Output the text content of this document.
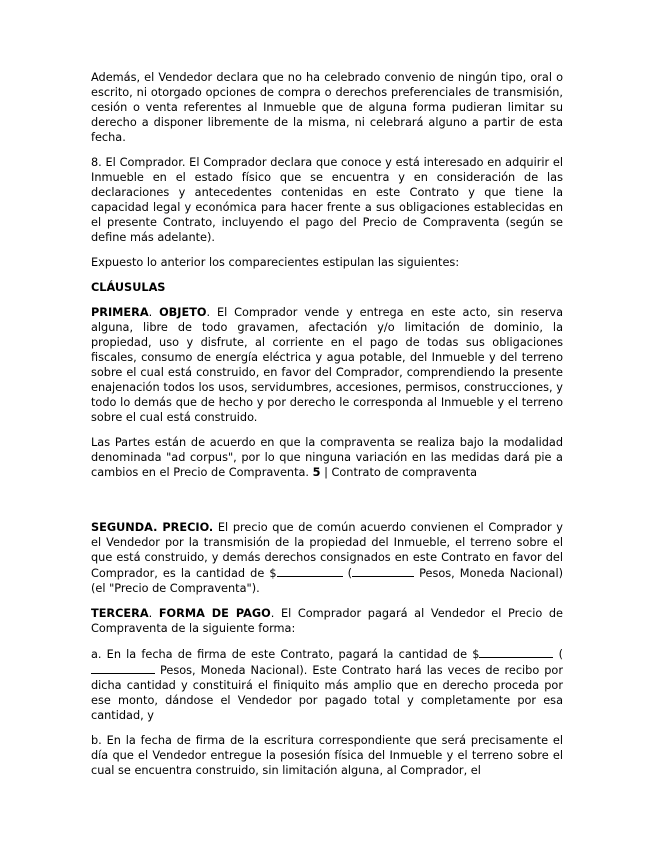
Además, el Vendedor declara que no ha celebrado convenio de ningún tipo, oral o escrito, ni otorgado opciones de compra o derechos preferenciales de transmisión, cesión o venta referentes al Inmueble que de alguna forma pudieran limitar su derecho a disponer libremente de la misma, ni celebrará alguno a partir de esta fecha.

8. El Comprador. El Comprador declara que conoce y está interesado en adquirir el Inmueble en el estado físico que se encuentra y en consideración de las declaraciones y antecedentes contenidas en este Contrato y que tiene la capacidad legal y económica para hacer frente a sus obligaciones establecidas en el presente Contrato, incluyendo el pago del Precio de Compraventa (según se define más adelante).

Expuesto lo anterior los comparecientes estipulan las siguientes:

CLÁUSULAS

PRIMERA. OBJETO. El Comprador vende y entrega en este acto, sin reserva alguna, libre de todo gravamen, afectación y/o limitación de dominio, la propiedad, uso y disfrute, al corriente en el pago de todas sus obligaciones fiscales, consumo de energía eléctrica y agua potable, del Inmueble y del terreno sobre el cual está construido, en favor del Comprador, comprendiendo la presente enajenación todos los usos, servidumbres, accesiones, permisos, construcciones, y todo lo demás que de hecho y por derecho le corresponda al Inmueble y el terreno sobre el cual está construido.

Las Partes están de acuerdo en que la compraventa se realiza bajo la modalidad denominada "ad corpus", por lo que ninguna variación en las medidas dará pie a cambios en el Precio de Compraventa. 5 | Contrato de compraventa

SEGUNDA. PRECIO. El precio que de común acuerdo convienen el Comprador y el Vendedor por la transmisión de la propiedad del Inmueble, el terreno sobre el que está construido, y demás derechos consignados en este Contrato en favor del Comprador, es la cantidad de $	(	Pesos, Moneda Nacional) (el "Precio de Compraventa").

TERCERA. FORMA DE PAGO. El Comprador pagará al Vendedor el Precio de Compraventa de la siguiente forma:

a. En la fecha de firma de este Contrato, pagará la cantidad de $	( Pesos, Moneda Nacional). Este Contrato hará las veces de recibo por dicha cantidad y constituirá el finiquito más amplio que en derecho proceda por ese monto, dándose el Vendedor por pagado total y completamente por esa cantidad, y

b. En la fecha de firma de la escritura correspondiente que será precisamente el día que el Vendedor entregue la posesión física del Inmueble y el terreno sobre el cual se encuentra construido, sin limitación alguna, al Comprador, el
